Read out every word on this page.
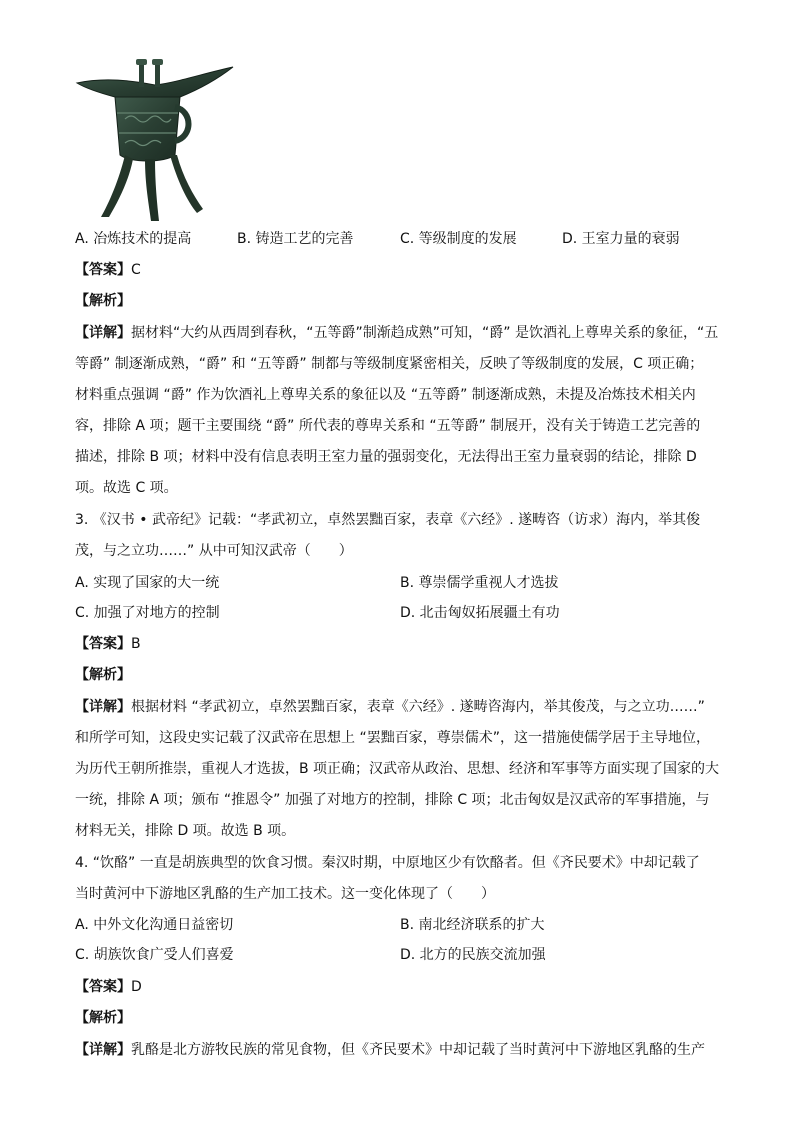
A. 冶炼技术的提高	B. 铸造工艺的完善	C. 等级制度的发展	D. 王室力量的衰弱
【答案】C
【解析】
【详解】据材料“大约从西周到春秋，“五等爵”制渐趋成熟”可知，“爵” 是饮酒礼上尊卑关系的象征，“五
等爵” 制逐渐成熟，“爵” 和 “五等爵” 制都与等级制度紧密相关，反映了等级制度的发展，C 项正确；
材料重点强调 “爵” 作为饮酒礼上尊卑关系的象征以及 “五等爵” 制逐渐成熟，未提及冶炼技术相关内
容，排除 A 项；题干主要围绕 “爵” 所代表的尊卑关系和 “五等爵” 制展开，没有关于铸造工艺完善的
描述，排除 B 项；材料中没有信息表明王室力量的强弱变化，无法得出王室力量衰弱的结论，排除 D
项。故选 C 项。
3. 《汉书 • 武帝纪》记载：“孝武初立，卓然罢黜百家，表章《六经》. 遂畴咨（访求）海内，举其俊
茂，与之立功……” 从中可知汉武帝（　　）
A. 实现了国家的大一统	B. 尊崇儒学重视人才选拔
C. 加强了对地方的控制	D. 北击匈奴拓展疆土有功
【答案】B
【解析】
【详解】根据材料 “孝武初立，卓然罢黜百家，表章《六经》. 遂畴咨海内，举其俊茂，与之立功……”
和所学可知，这段史实记载了汉武帝在思想上 “罢黜百家，尊崇儒术”，这一措施使儒学居于主导地位，
为历代王朝所推崇，重视人才选拔，B 项正确；汉武帝从政治、思想、经济和军事等方面实现了国家的大
一统，排除 A 项；颁布 “推恩令” 加强了对地方的控制，排除 C 项；北击匈奴是汉武帝的军事措施，与
材料无关，排除 D 项。故选 B 项。
4. “饮酪” 一直是胡族典型的饮食习惯。秦汉时期，中原地区少有饮酪者。但《齐民要术》中却记载了
当时黄河中下游地区乳酪的生产加工技术。这一变化体现了（　　）
A. 中外文化沟通日益密切	B. 南北经济联系的扩大
C. 胡族饮食广受人们喜爱	D. 北方的民族交流加强
【答案】D
【解析】
【详解】乳酪是北方游牧民族的常见食物，但《齐民要术》中却记载了当时黄河中下游地区乳酪的生产
